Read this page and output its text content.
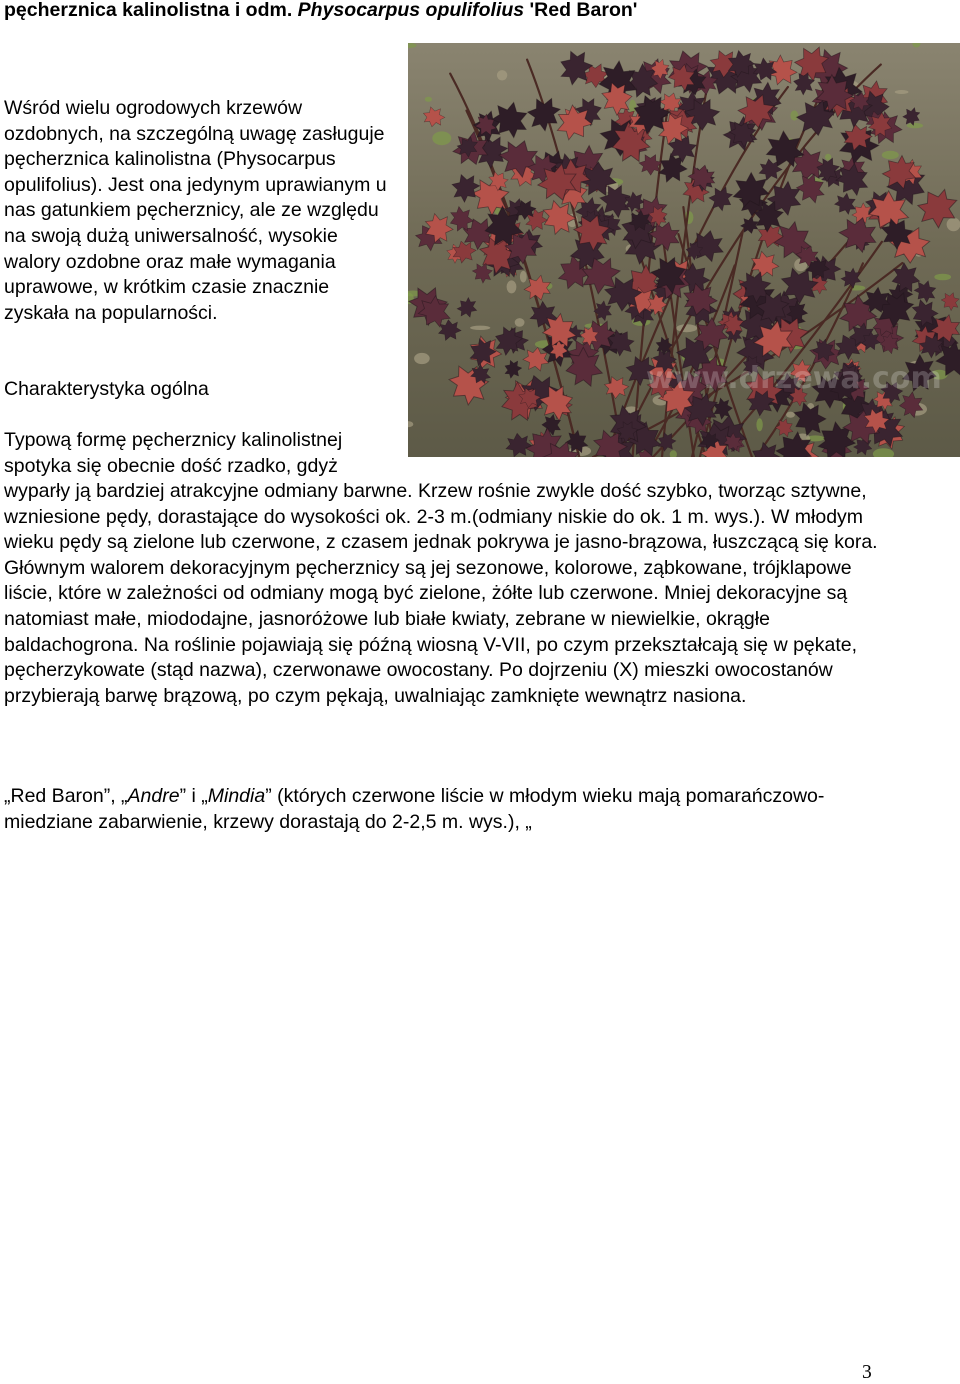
pęcherznica kalinolistna i odm. Physocarpus opulifolius 'Red Baron'
www.drzewa.com

Wśród wielu ogrodowych krzewów ozdobnych, na szczególną uwagę zasługuje pęcherznica kalinolistna (Physocarpus opulifolius). Jest ona jedynym uprawianym u nas gatunkiem pęcherznicy, ale ze względu na swoją dużą uniwersalność, wysokie walory ozdobne oraz małe wymagania uprawowe, w krótkim czasie znacznie zyskała na popularności.

Charakterystyka ogólna

Typową formę pęcherznicy kalinolistnej spotyka się obecnie dość rzadko, gdyż

wyparły ją bardziej atrakcyjne odmiany barwne. Krzew rośnie zwykle dość szybko, tworząc sztywne, wzniesione pędy, dorastające do wysokości ok. 2-3 m.(odmiany niskie do ok. 1 m. wys.). W młodym wieku pędy są zielone lub czerwone, z czasem jednak pokrywa je jasno-brązowa, łuszczącą się kora. Głównym walorem dekoracyjnym pęcherznicy są jej sezonowe, kolorowe, ząbkowane, trójklapowe liście, które w zależności od odmiany mogą być zielone, żółte lub czerwone. Mniej dekoracyjne są natomiast małe, miododajne, jasnoróżowe lub białe kwiaty, zebrane w niewielkie, okrągłe baldachogrona. Na roślinie pojawiają się późną wiosną V-VII, po czym przekształcają się w pękate, pęcherzykowate (stąd nazwa), czerwonawe owocostany. Po dojrzeniu (X) mieszki owocostanów przybierają barwę brązową, po czym pękają, uwalniając zamknięte wewnątrz nasiona.

„Red Baron”, „Andre” i „Mindia” (których czerwone liście w młodym wieku mają pomarańczowo-miedziane zabarwienie, krzewy dorastają do 2-2,5 m. wys.), „

3
